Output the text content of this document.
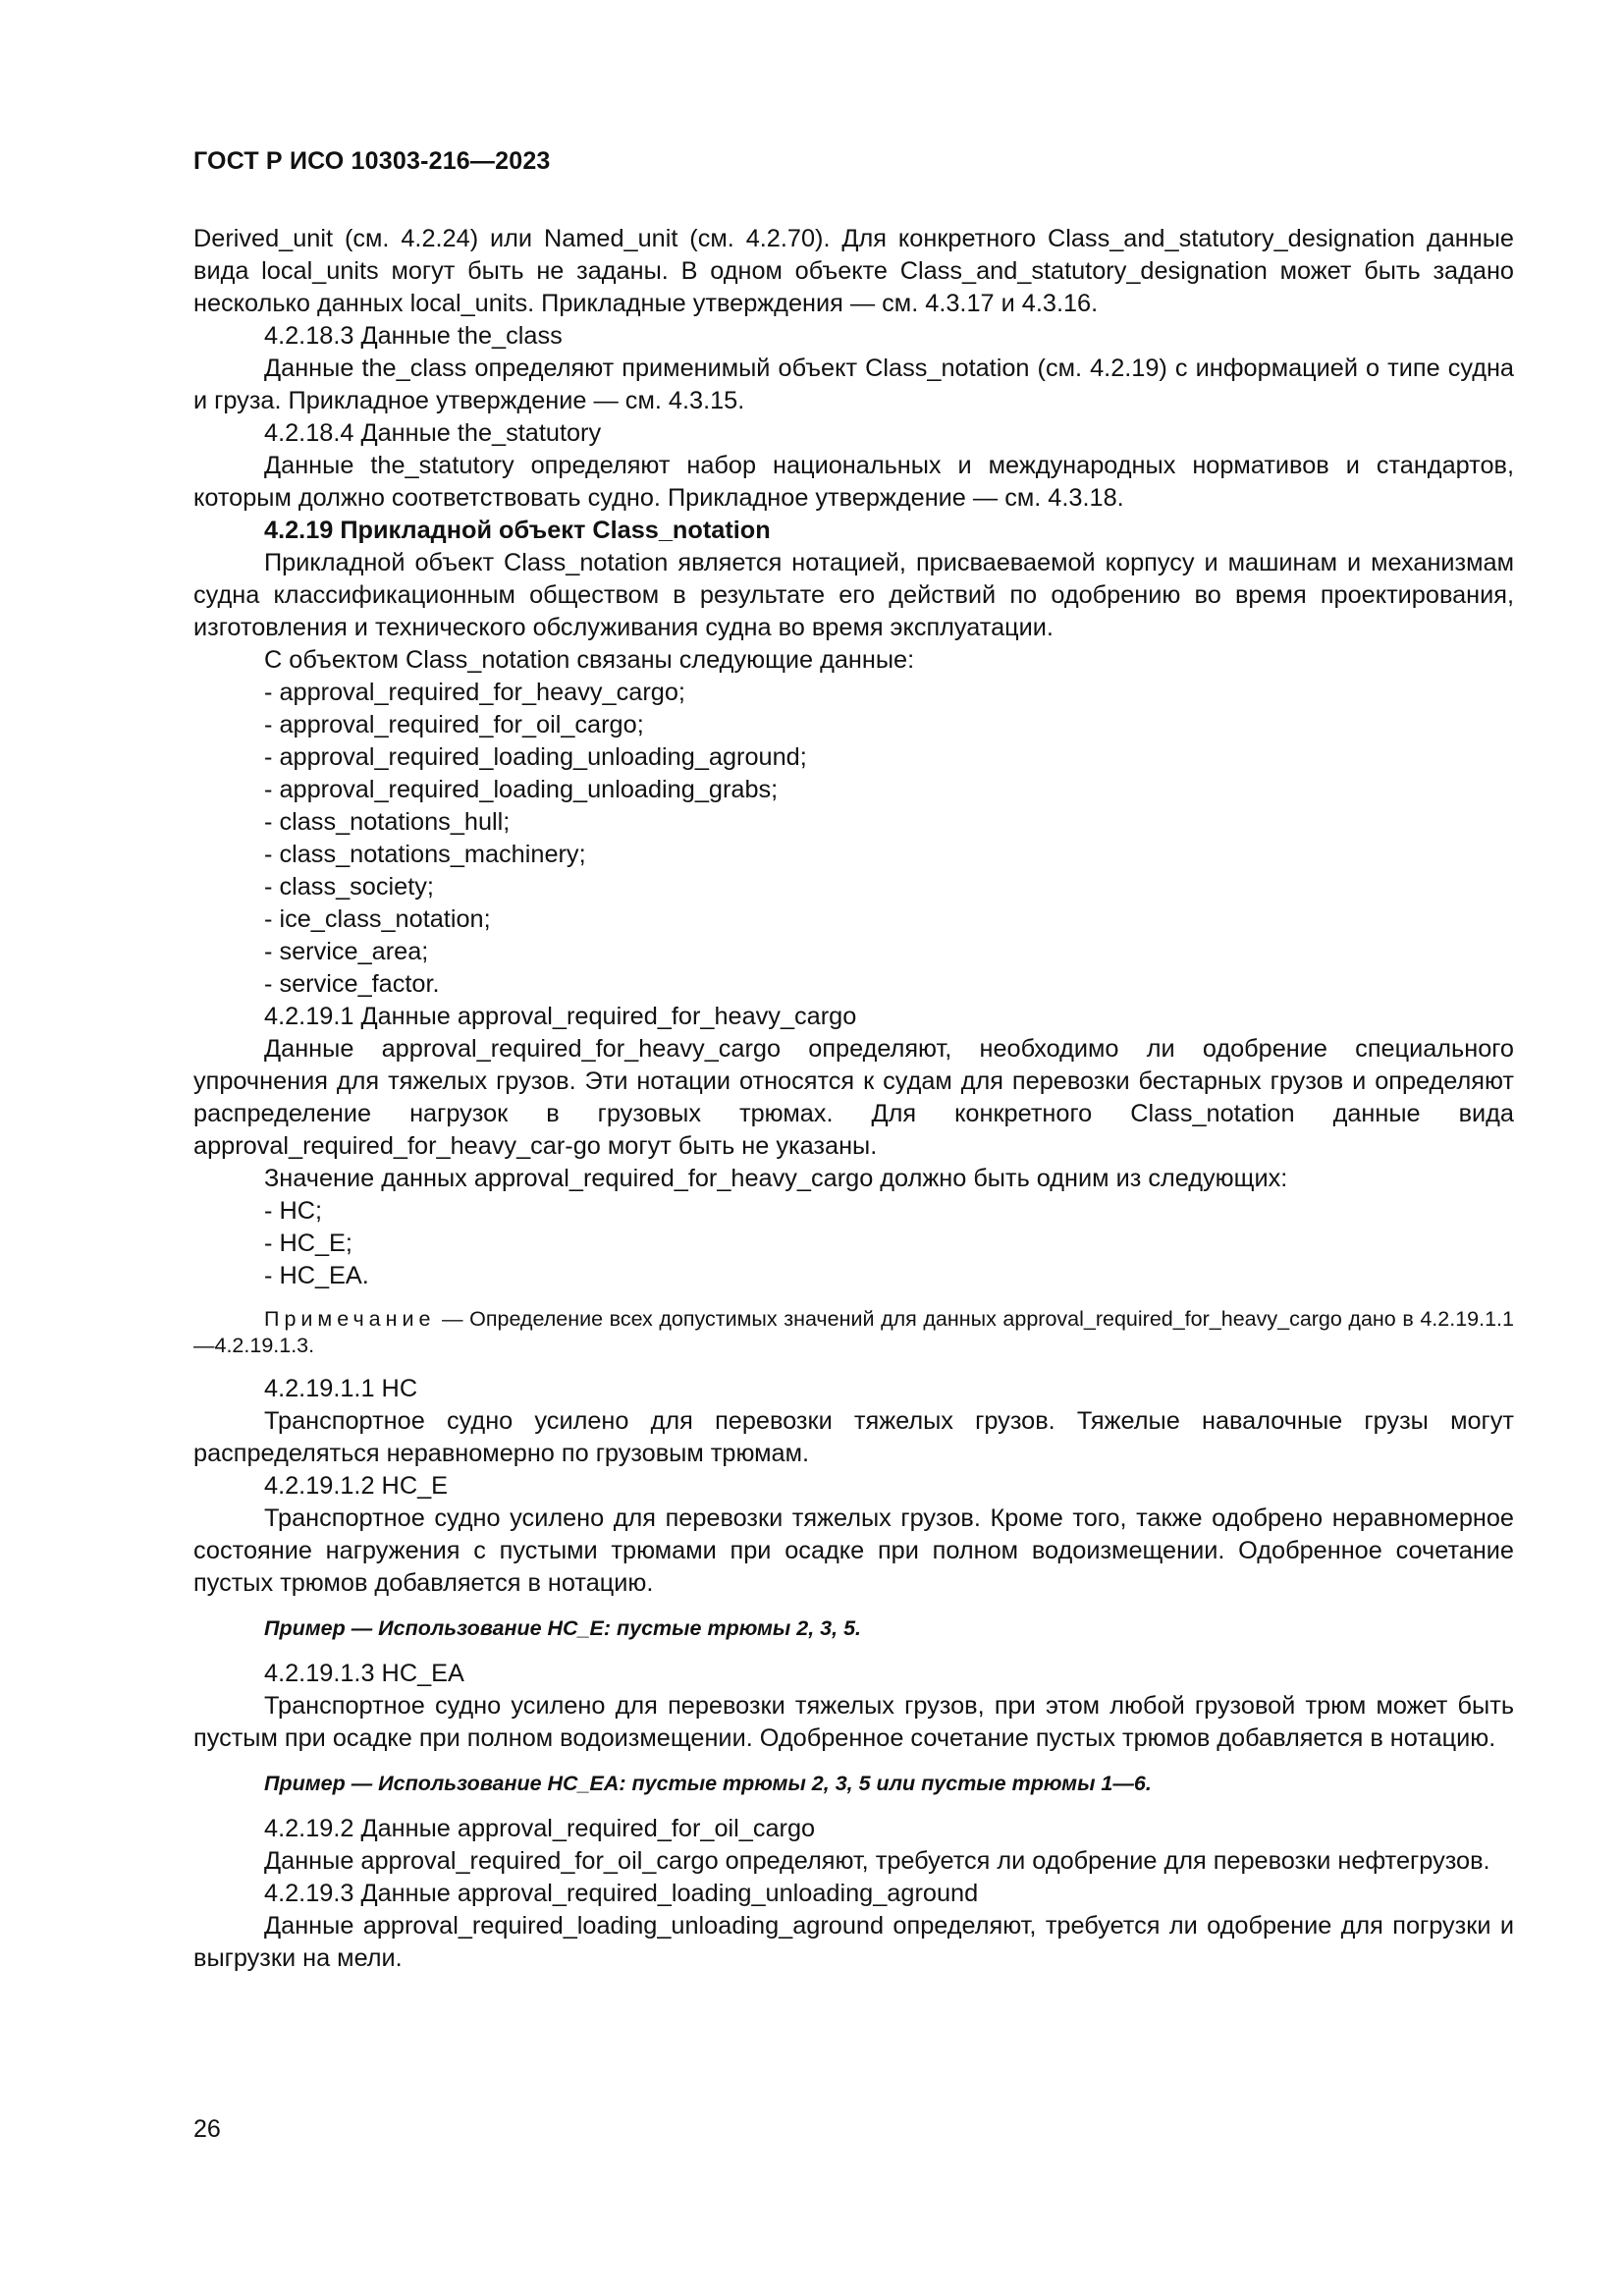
ГОСТ Р ИСО 10303-216—2023

Derived_unit (см. 4.2.24) или Named_unit (см. 4.2.70). Для конкретного Class_and_statutory_designation данные вида local_units могут быть не заданы. В одном объекте Class_and_statutory_designation может быть задано несколько данных local_units. Прикладные утверждения — см. 4.3.17 и 4.3.16.

4.2.18.3 Данные the_class

Данные the_class определяют применимый объект Class_notation (см. 4.2.19) с информацией о типе судна и груза. Прикладное утверждение — см. 4.3.15.

4.2.18.4 Данные the_statutory

Данные the_statutory определяют набор национальных и международных нормативов и стандартов, которым должно соответствовать судно. Прикладное утверждение — см. 4.3.18.

4.2.19 Прикладной объект Class_notation

Прикладной объект Class_notation является нотацией, присваеваемой корпусу и машинам и механизмам судна классификационным обществом в результате его действий по одобрению во время проектирования, изготовления и технического обслуживания судна во время эксплуатации.

С объектом Class_notation связаны следующие данные:

- approval_required_for_heavy_cargo;

- approval_required_for_oil_cargo;

- approval_required_loading_unloading_aground;

- approval_required_loading_unloading_grabs;

- class_notations_hull;

- class_notations_machinery;

- class_society;

- ice_class_notation;

- service_area;

- service_factor.

4.2.19.1 Данные approval_required_for_heavy_cargo

Данные approval_required_for_heavy_cargo определяют, необходимо ли одобрение специального упрочнения для тяжелых грузов. Эти нотации относятся к судам для перевозки бестарных грузов и определяют распределение нагрузок в грузовых трюмах. Для конкретного Class_notation данные вида approval_required_for_heavy_car-go могут быть не указаны.

Значение данных approval_required_for_heavy_cargo должно быть одним из следующих:

- HC;

- HC_E;

- HC_EA.

Примечание — Определение всех допустимых значений для данных approval_required_for_heavy_cargo дано в 4.2.19.1.1—4.2.19.1.3.

4.2.19.1.1 HC

Транспортное судно усилено для перевозки тяжелых грузов. Тяжелые навалочные грузы могут распределяться неравномерно по грузовым трюмам.

4.2.19.1.2 HC_E

Транспортное судно усилено для перевозки тяжелых грузов. Кроме того, также одобрено неравномерное состояние нагружения с пустыми трюмами при осадке при полном водоизмещении. Одобренное сочетание пустых трюмов добавляется в нотацию.

Пример — Использование HC_E: пустые трюмы 2, 3, 5.

4.2.19.1.3 HC_EA

Транспортное судно усилено для перевозки тяжелых грузов, при этом любой грузовой трюм может быть пустым при осадке при полном водоизмещении. Одобренное сочетание пустых трюмов добавляется в нотацию.

Пример — Использование HC_EA: пустые трюмы 2, 3, 5 или пустые трюмы 1—6.

4.2.19.2 Данные approval_required_for_oil_cargo

Данные approval_required_for_oil_cargo определяют, требуется ли одобрение для перевозки нефтегрузов.

4.2.19.3 Данные approval_required_loading_unloading_aground

Данные approval_required_loading_unloading_aground определяют, требуется ли одобрение для погрузки и выгрузки на мели.

26
